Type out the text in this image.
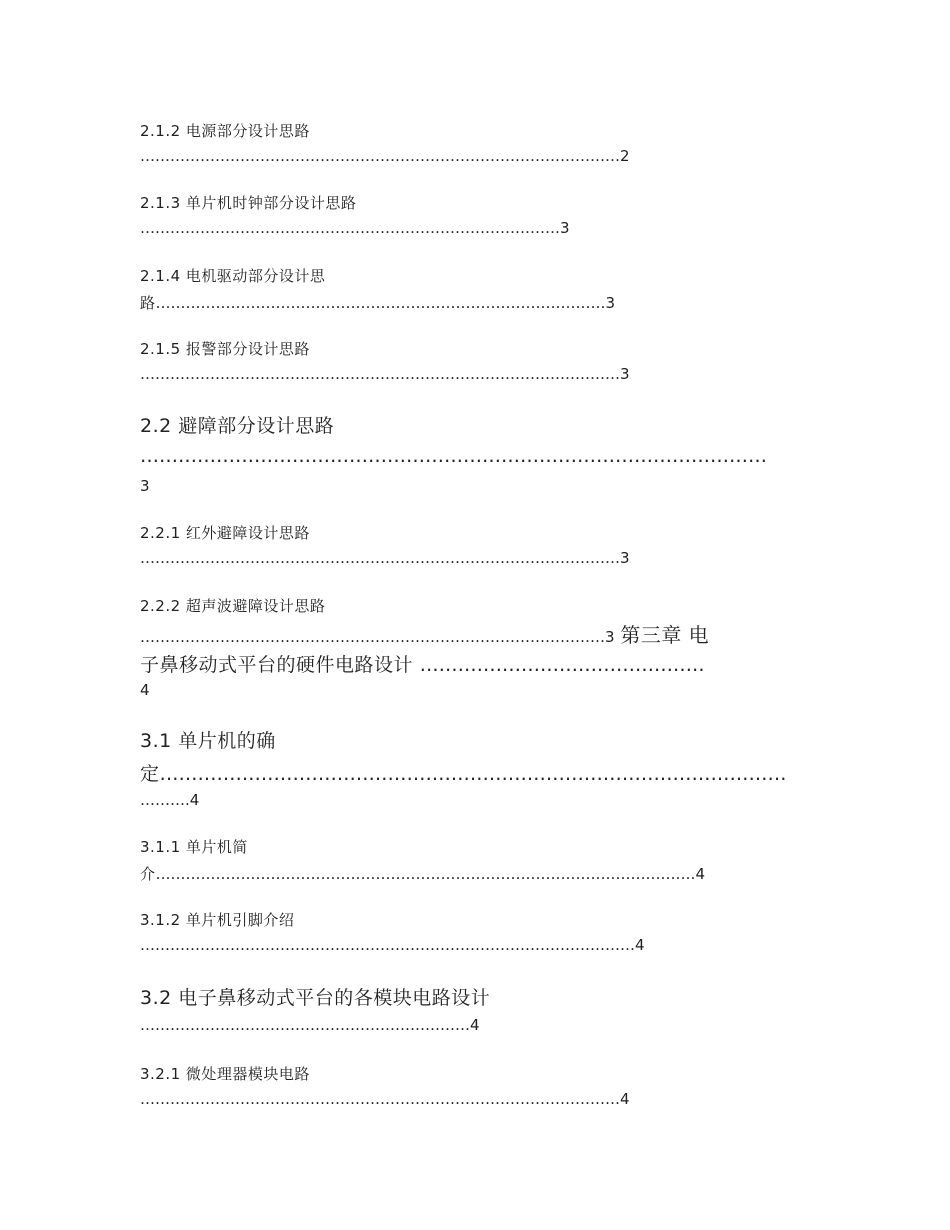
2.1.2 电源部分设计思路
……………………………………………………………………………………2
2.1.3 单片机时钟部分设计思路
…………………………………………………………………………3
2.1.4 电机驱动部分设计思
路………………………………………………………………………………3
2.1.5 报警部分设计思路
……………………………………………………………………………………3
2.2 避障部分设计思路
………………………………………………………………………………………
3
2.2.1 红外避障设计思路
……………………………………………………………………………………3
2.2.2 超声波避障设计思路
…………………………………………………………………………………3 第三章 电
子鼻移动式平台的硬件电路设计 ………………………………………
4
3.1 单片机的确
定………………………………………………………………………………………
……….4
3.1.1 单片机简
介………………………………………………………………………………………………4
3.1.2 单片机引脚介绍
………………………………………………………………………………………4
3.2 电子鼻移动式平台的各模块电路设计
…………………………………………………………4
3.2.1 微处理器模块电路
……………………………………………………………………………………4
